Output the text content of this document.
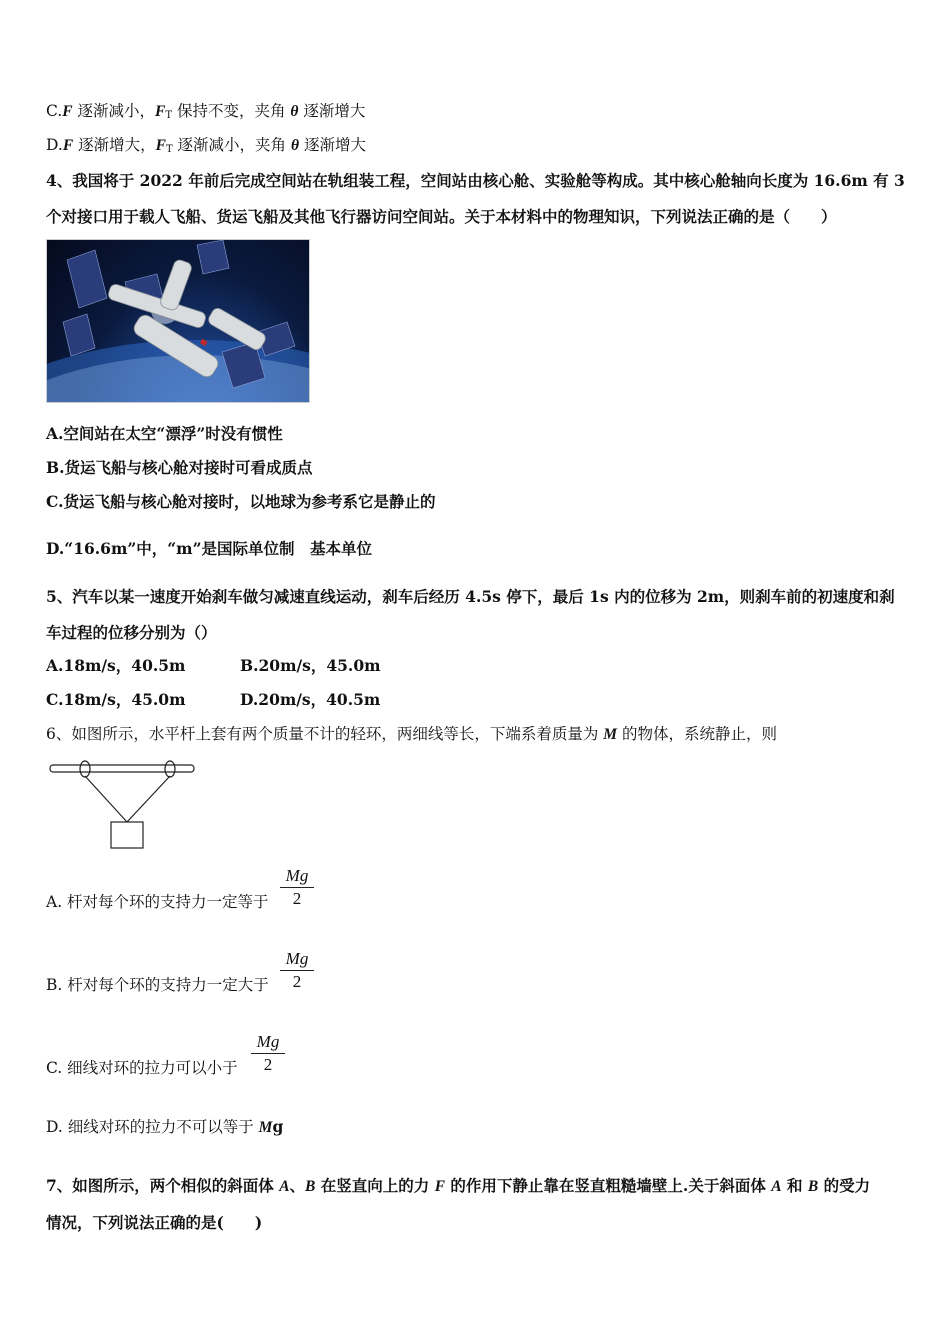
C.F 逐渐减小，$F_T$ 保持不变，夹角 θ 逐渐增大
D.F 逐渐增大，$F_T$ 逐渐减小，夹角 θ 逐渐增大
4、我国将于 2022 年前后完成空间站在轨组装工程，空间站由核心舱、实验舱等构成。其中核心舱轴向长度为 16.6m 有 3
个对接口用于载人飞船、货运飞船及其他飞行器访问空间站。关于本材料中的物理知识，下列说法正确的是（　　）
A.空间站在太空“漂浮”时没有惯性
B.货运飞船与核心舱对接时可看成质点
C.货运飞船与核心舱对接时，以地球为参考系它是静止的
D.“16.6m”中，“m”是国际单位制　基本单位
5、汽车以某一速度开始刹车做匀减速直线运动，刹车后经历 4.5s 停下，最后 1s 内的位移为 2m，则刹车前的初速度和刹
车过程的位移分别为（）
A.18m/s，40.5m	B.20m/s，45.0m
C.18m/s，45.0m	D.20m/s，40.5m
6、如图所示，水平杆上套有两个质量不计的轻环，两细线等长，下端系着质量为 M 的物体，系统静止，则
A. 杆对每个环的支持力一定等于 $\frac{Mg}{2}$
B. 杆对每个环的支持力一定大于 $\frac{Mg}{2}$
C. 细线对环的拉力可以小于 $\frac{Mg}{2}$
D. 细线对环的拉力不可以等于 Mg
7、如图所示，两个相似的斜面体 A、B 在竖直向上的力 F 的作用下静止靠在竖直粗糙墙壁上.关于斜面体 A 和 B 的受力
情况，下列说法正确的是(　　)
